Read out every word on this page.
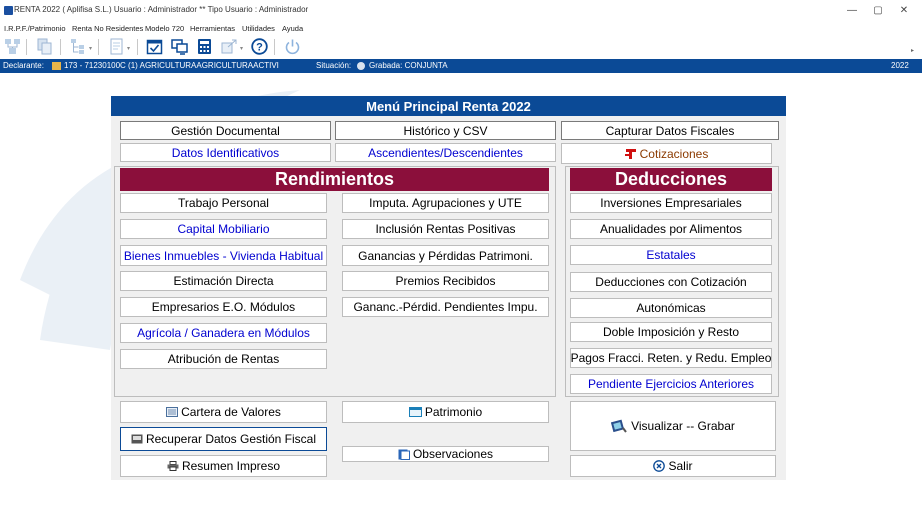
RENTA 2022 ( Aplifisa S.L.) Usuario : Administrador ** Tipo Usuario : Administrador	—	▢	✕
I.R.P.F./Patrimonio Renta No Residentes Modelo 720 Herramientas Utilidades Ayuda
▾	▾	▾ ?	▸
Declarante:	173 - 71230100C (1) AGRICULTURAAGRICULTURAACTIVI	Situación: Grabada: CONJUNTA	2022
Menú Principal Renta 2022
Gestión Documental	Histórico y CSV	Capturar Datos Fiscales
Datos Identificativos	Ascendientes/Descendientes	Cotizaciones
Rendimientos
Trabajo Personal
Capital Mobiliario
Bienes Inmuebles - Vivienda Habitual
Estimación Directa
Empresarios E.O. Módulos
Agrícola / Ganadera en Módulos
Atribución de Rentas
Imputa. Agrupaciones y UTE
Inclusión Rentas Positivas
Ganancias y Pérdidas Patrimoni.
Premios Recibidos
Gananc.-Pérdid. Pendientes Impu.
Deducciones
Inversiones Empresariales
Anualidades por Alimentos
Estatales
Deducciones con Cotización
Autonómicas
Doble Imposición y Resto
Pagos Fracci. Reten. y Redu. Empleo
Pendiente Ejercicios Anteriores
Cartera de Valores
Recuperar Datos Gestión Fiscal
Resumen Impreso
Patrimonio
Observaciones
Visualizar -- Grabar
Salir
